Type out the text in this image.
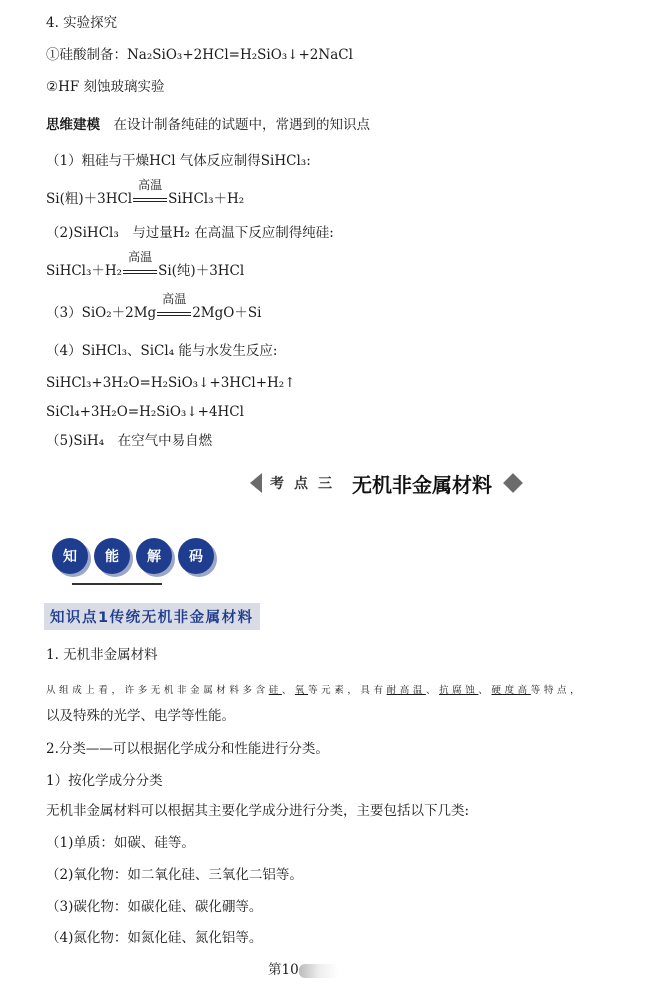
4. 实验探究
①硅酸制备：Na₂SiO₃+2HCl=H₂SiO₃↓+2NaCl
②HF 刻蚀玻璃实验
思维建模　在设计制备纯硅的试题中，常遇到的知识点
（1）粗硅与干燥HCl 气体反应制得SiHCl₃:
Si(粗)＋3HCl
高温
SiHCl₃＋H₂
（2)SiHCl₃　与过量H₂ 在高温下反应制得纯硅:
SiHCl₃＋H₂
高温
Si(纯)＋3HCl
（3）SiO₂＋2Mg
高温
2MgO＋Si
（4）SiHCl₃、SiCl₄ 能与水发生反应:
SiHCl₃+3H₂O=H₂SiO₃↓+3HCl+H₂↑
SiCl₄+3H₂O=H₂SiO₃↓+4HCl
（5)SiH₄　在空气中易自燃
考点三 无机非金属材料
知	能	解	码
知识点1传统无机非金属材料
1. 无机非金属材料
从组成上看，许多无机非金属材料多含硅、氧等元素，具有耐高温、抗腐蚀、硬度高等特点，
以及特殊的光学、电学等性能。
2.分类——可以根据化学成分和性能进行分类。
1）按化学成分分类
无机非金属材料可以根据其主要化学成分进行分类，主要包括以下几类:
（1)单质：如碳、硅等。
（2)氧化物：如二氧化硅、三氧化二铝等。
（3)碳化物：如碳化硅、碳化硼等。
（4)氮化物：如氮化硅、氮化铝等。
第10
